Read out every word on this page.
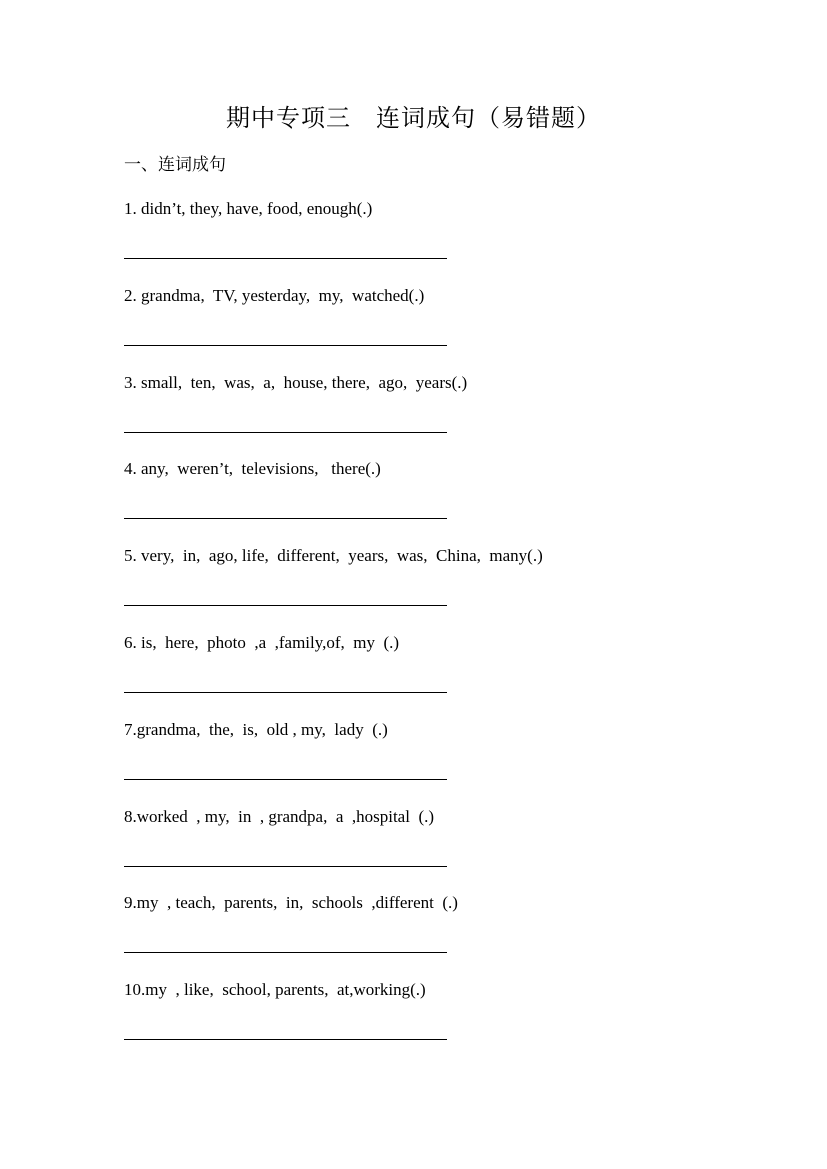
期中专项三　连词成句（易错题）
一、连词成句
1. didn’t, they, have, food, enough(.)
2. grandma,  TV, yesterday,  my,  watched(.)
3. small,  ten,  was,  a,  house, there,  ago,  years(.)
4. any,  weren’t,  televisions,   there(.)
5. very,  in,  ago, life,  different,  years,  was,  China,  many(.)
6. is,  here,  photo  ,a  ,family,of,  my  (.)
7.grandma,  the,  is,  old , my,  lady  (.)
8.worked  , my,  in  , grandpa,  a  ,hospital  (.)
9.my  , teach,  parents,  in,  schools  ,different  (.)
10.my  , like,  school, parents,  at,working(.)
